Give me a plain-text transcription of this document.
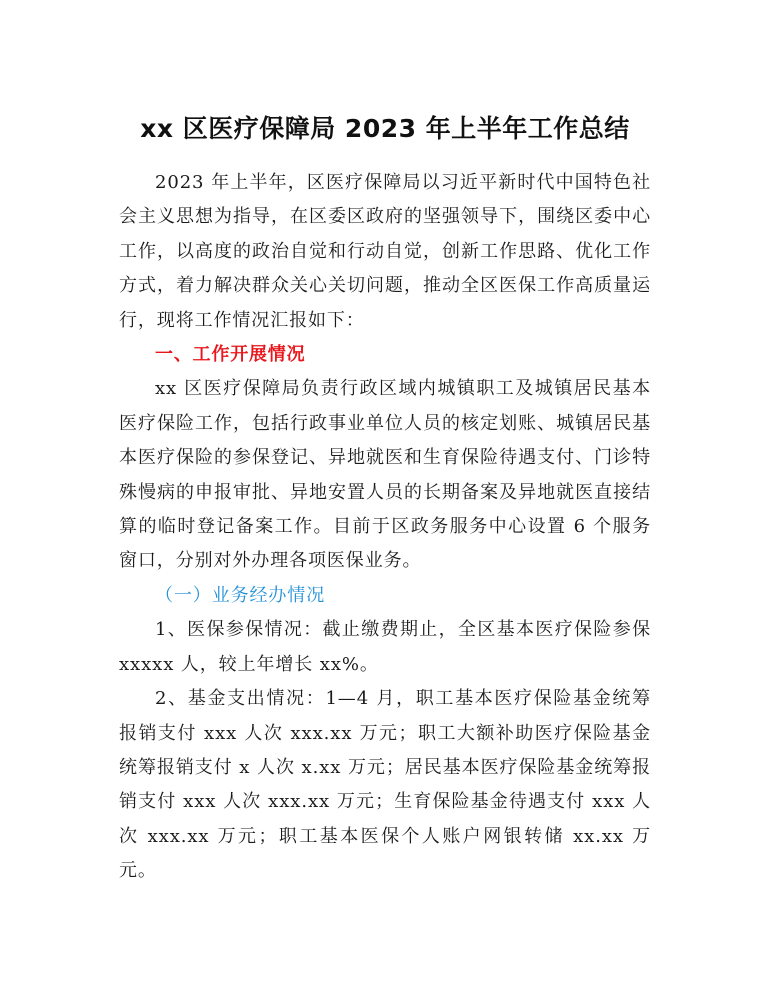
xx 区医疗保障局 2023 年上半年工作总结

2023 年上半年，区医疗保障局以习近平新时代中国特色社会主义思想为指导，在区委区政府的坚强领导下，围绕区委中心工作，以高度的政治自觉和行动自觉，创新工作思路、优化工作方式，着力解决群众关心关切问题，推动全区医保工作高质量运行，现将工作情况汇报如下：

一、工作开展情况

xx 区医疗保障局负责行政区域内城镇职工及城镇居民基本医疗保险工作，包括行政事业单位人员的核定划账、城镇居民基本医疗保险的参保登记、异地就医和生育保险待遇支付、门诊特殊慢病的申报审批、异地安置人员的长期备案及异地就医直接结算的临时登记备案工作。目前于区政务服务中心设置 6 个服务窗口，分别对外办理各项医保业务。

（一）业务经办情况

1、医保参保情况：截止缴费期止，全区基本医疗保险参保 xxxxx 人，较上年增长 xx%。

2、基金支出情况：1—4 月，职工基本医疗保险基金统筹报销支付 xxx 人次 xxx.xx 万元；职工大额补助医疗保险基金统筹报销支付 x 人次 x.xx 万元；居民基本医疗保险基金统筹报销支付 xxx 人次 xxx.xx 万元；生育保险基金待遇支付 xxx 人次 xxx.xx 万元；职工基本医保个人账户网银转储 xx.xx 万元。
